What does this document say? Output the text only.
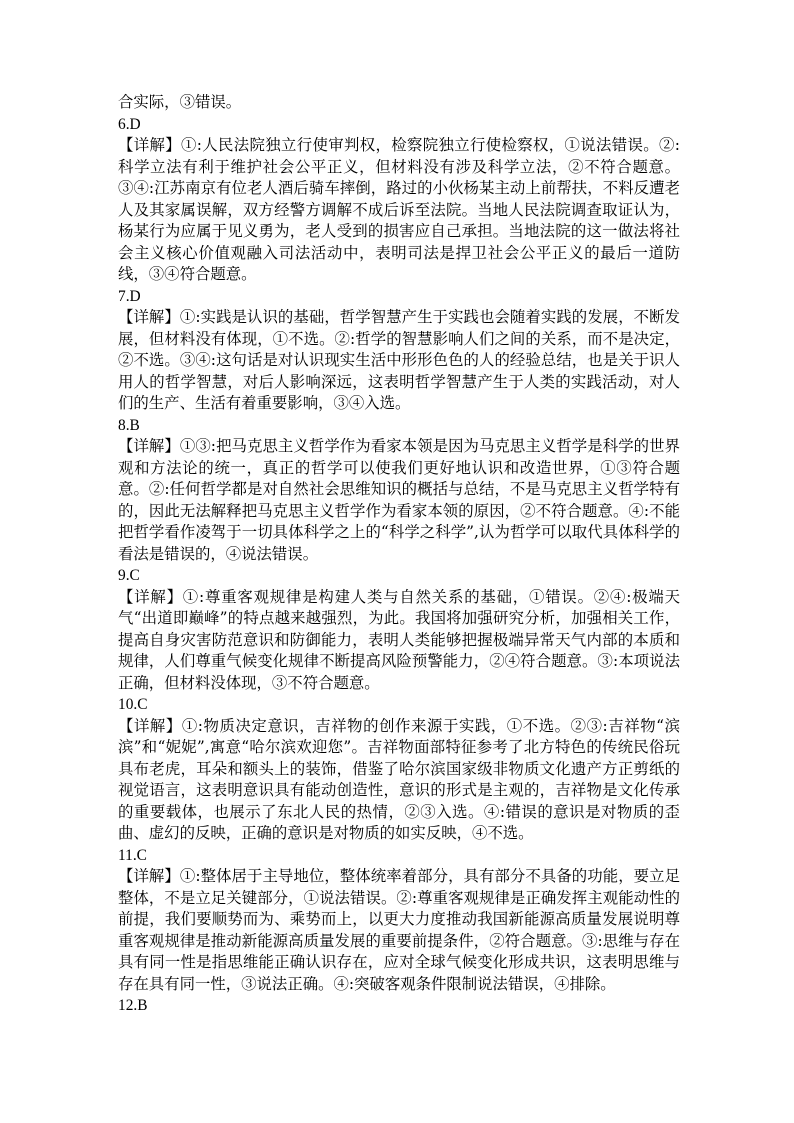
合实际，③错误。

6.D

【详解】①:人民法院独立行使审判权，检察院独立行使检察权，①说法错误。②:科学立法有利于维护社会公平正义，但材料没有涉及科学立法，②不符合题意。③④:江苏南京有位老人酒后骑车摔倒，路过的小伙杨某主动上前帮扶，不料反遭老人及其家属误解，双方经警方调解不成后诉至法院。当地人民法院调查取证认为，杨某行为应属于见义勇为，老人受到的损害应自己承担。当地法院的这一做法将社会主义核心价值观融入司法活动中，表明司法是捍卫社会公平正义的最后一道防线，③④符合题意。

7.D

【详解】①:实践是认识的基础，哲学智慧产生于实践也会随着实践的发展，不断发展，但材料没有体现，①不选。②:哲学的智慧影响人们之间的关系，而不是决定，②不选。③④:这句话是对认识现实生活中形形色色的人的经验总结，也是关于识人用人的哲学智慧，对后人影响深远，这表明哲学智慧产生于人类的实践活动，对人们的生产、生活有着重要影响，③④入选。

8.B

【详解】①③:把马克思主义哲学作为看家本领是因为马克思主义哲学是科学的世界观和方法论的统一，真正的哲学可以使我们更好地认识和改造世界，①③符合题意。②:任何哲学都是对自然社会思维知识的概括与总结，不是马克思主义哲学特有的，因此无法解释把马克思主义哲学作为看家本领的原因，②不符合题意。④:不能把哲学看作凌驾于一切具体科学之上的“科学之科学”,认为哲学可以取代具体科学的看法是错误的，④说法错误。

9.C

【详解】①:尊重客观规律是构建人类与自然关系的基础，①错误。②④:极端天气“出道即巅峰”的特点越来越强烈，为此。我国将加强研究分析，加强相关工作，提高自身灾害防范意识和防御能力，表明人类能够把握极端异常天气内部的本质和规律，人们尊重气候变化规律不断提高风险预警能力，②④符合题意。③:本项说法正确，但材料没体现，③不符合题意。

10.C

【详解】①:物质决定意识，吉祥物的创作来源于实践，①不选。②③:吉祥物“滨滨”和“妮妮”,寓意“哈尔滨欢迎您”。吉祥物面部特征参考了北方特色的传统民俗玩具布老虎，耳朵和额头上的装饰，借鉴了哈尔滨国家级非物质文化遗产方正剪纸的视觉语言，这表明意识具有能动创造性，意识的形式是主观的，吉祥物是文化传承的重要载体，也展示了东北人民的热情，②③入选。④:错误的意识是对物质的歪曲、虚幻的反映，正确的意识是对物质的如实反映，④不选。

11.C

【详解】①:整体居于主导地位，整体统率着部分，具有部分不具备的功能，要立足整体，不是立足关键部分，①说法错误。②:尊重客观规律是正确发挥主观能动性的前提，我们要顺势而为、乘势而上，以更大力度推动我国新能源高质量发展说明尊重客观规律是推动新能源高质量发展的重要前提条件，②符合题意。③:思维与存在具有同一性是指思维能正确认识存在，应对全球气候变化形成共识，这表明思维与存在具有同一性，③说法正确。④:突破客观条件限制说法错误，④排除。

12.B
